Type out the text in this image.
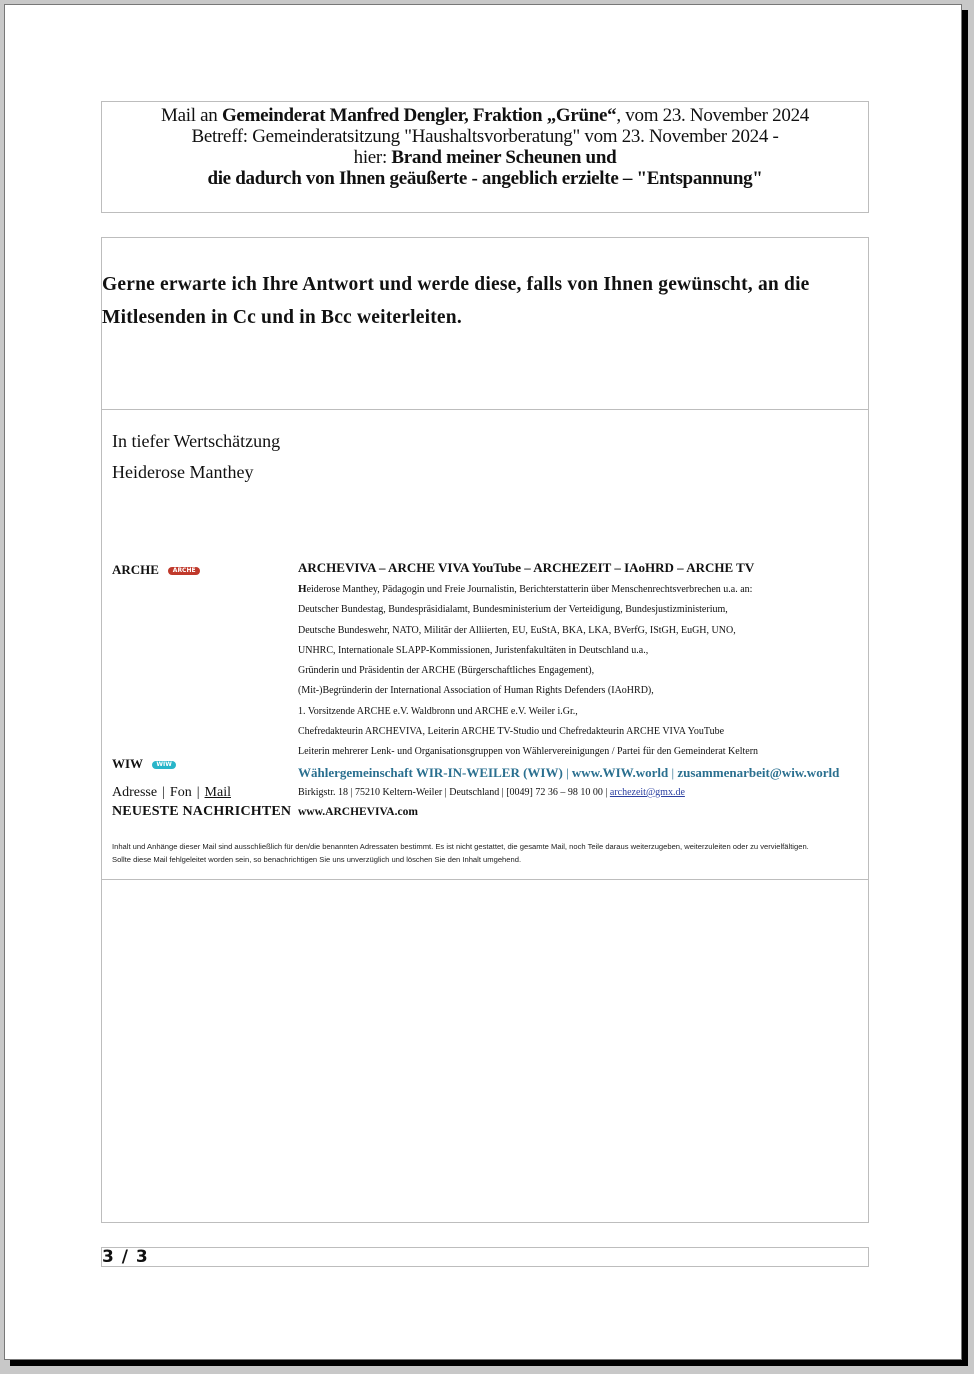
Mail an Gemeinderat Manfred Dengler, Fraktion „Grüne“, vom 23. November 2024
Betreff: Gemeinderatsitzung "Haushaltsvorberatung" vom 23. November 2024 -
hier: Brand meiner Scheunen und
die dadurch von Ihnen geäußerte - angeblich erzielte – "Entspannung"

Gerne erwarte ich Ihre Antwort und werde diese, falls von Ihnen gewünscht, an die Mitlesenden in Cc und in Bcc weiterleiten.

In tiefer Wertschätzung
Heiderose Manthey
ARCHE ARCHE
WIW WIW
Adresse | Fon | Mail
NEUESTE NACHRICHTEN
ARCHEVIVA – ARCHE VIVA YouTube – ARCHEZEIT – IAoHRD – ARCHE TV
Heiderose Manthey, Pädagogin und Freie Journalistin, Berichterstatterin über Menschenrechtsverbrechen u.a. an:
Deutscher Bundestag, Bundespräsidialamt, Bundesministerium der Verteidigung, Bundesjustizministerium,
Deutsche Bundeswehr, NATO, Militär der Alliierten, EU, EuStA, BKA, LKA, BVerfG, IStGH, EuGH, UNO,
UNHRC, Internationale SLAPP-Kommissionen, Juristenfakultäten in Deutschland u.a.,
Gründerin und Präsidentin der ARCHE (Bürgerschaftliches Engagement),
(Mit-)Begründerin der International Association of Human Rights Defenders (IAoHRD),
1. Vorsitzende ARCHE e.V. Waldbronn und ARCHE e.V. Weiler i.Gr.,
Chefredakteurin ARCHEVIVA, Leiterin ARCHE TV-Studio und Chefredakteurin ARCHE VIVA YouTube
Leiterin mehrerer Lenk- und Organisationsgruppen von Wählervereinigungen / Partei für den Gemeinderat Keltern
Wählergemeinschaft WIR-IN-WEILER (WIW) | www.WIW.world | zusammenarbeit@wiw.world
Birkigstr. 18 | 75210 Keltern-Weiler | Deutschland | [0049] 72 36 – 98 10 00 | archezeit@gmx.de
www.ARCHEVIVA.com
Inhalt und Anhänge dieser Mail sind ausschließlich für den/die benannten Adressaten bestimmt. Es ist nicht gestattet, die gesamte Mail, noch Teile daraus weiterzugeben, weiterzuleiten oder zu vervielfältigen.
Sollte diese Mail fehlgeleitet worden sein, so benachrichtigen Sie uns unverzüglich und löschen Sie den Inhalt umgehend.
3 / 3
